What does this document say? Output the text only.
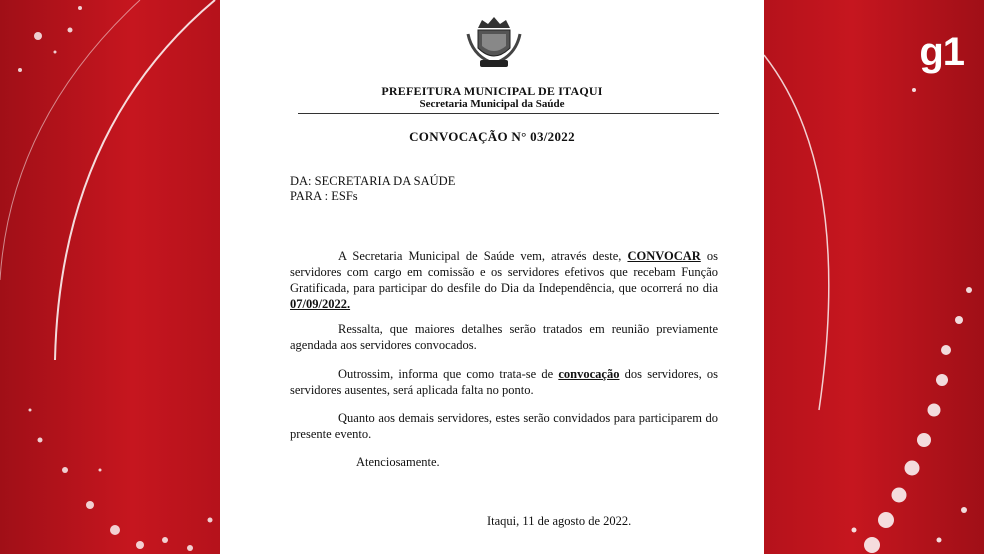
g1
PREFEITURA MUNICIPAL DE ITAQUI
Secretaria Municipal da Saúde
CONVOCAÇÃO N° 03/2022
DA: SECRETARIA DA SAÚDE
PARA : ESFs
A Secretaria Municipal de Saúde vem, através deste, CONVOCAR os servidores com cargo em comissão e os servidores efetivos que recebam Função Gratificada, para participar do desfile do Dia da Independência, que ocorrerá no dia 07/09/2022.
Ressalta, que maiores detalhes serão tratados em reunião previamente agendada aos servidores convocados.
Outrossim, informa que como trata-se de convocação dos servidores, os servidores ausentes, será aplicada falta no ponto.
Quanto aos demais servidores, estes serão convidados para participarem do presente evento.
Atenciosamente.
Itaqui, 11 de agosto de 2022.
